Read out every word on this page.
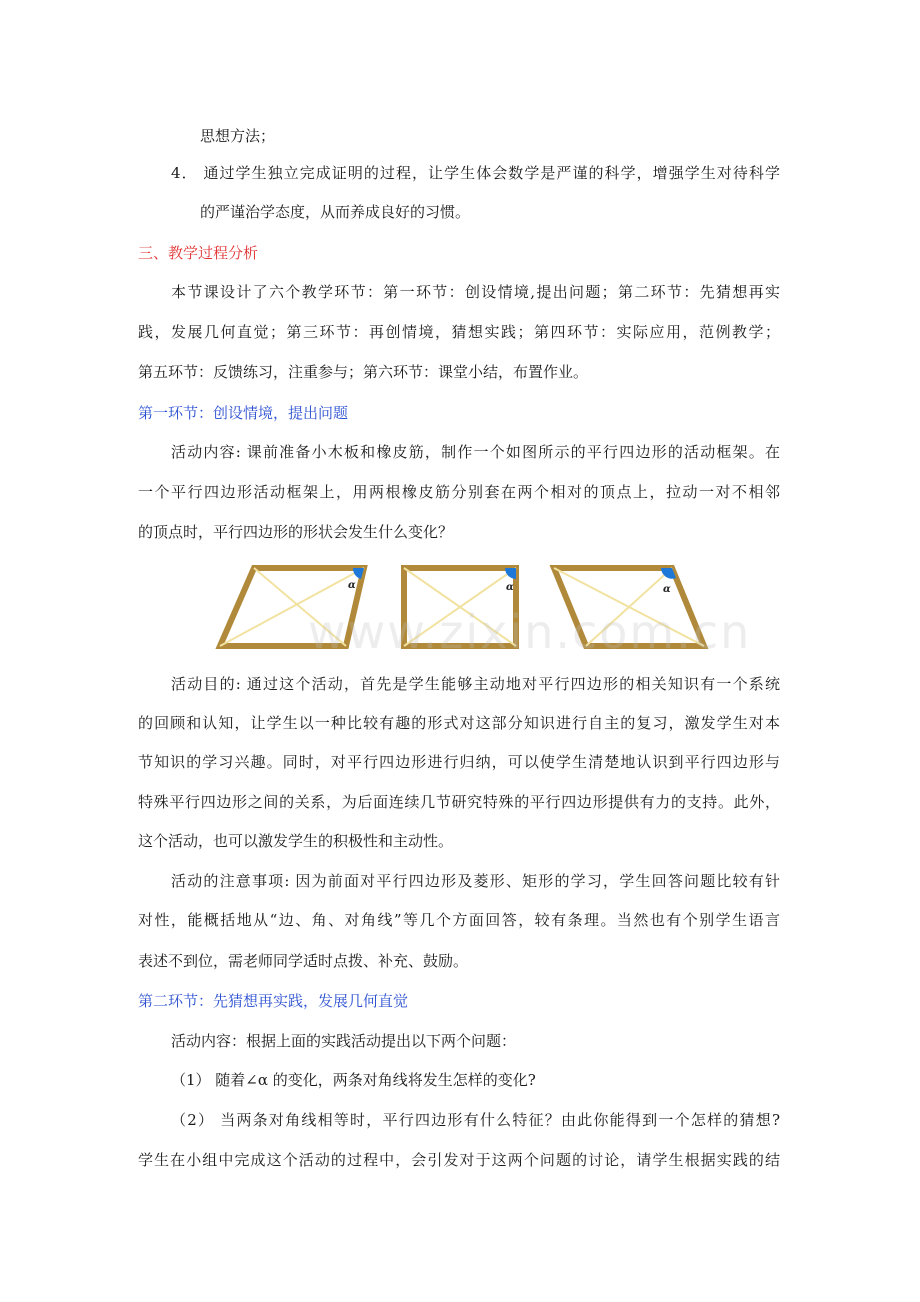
思想方法；
4． 通过学生独立完成证明的过程，让学生体会数学是严谨的科学，增强学生对待科学
的严谨治学态度，从而养成良好的习惯。
三、教学过程分析
本节课设计了六个教学环节：第一环节：创设情境,提出问题；第二环节：先猜想再实
践，发展几何直觉；第三环节：再创情境，猜想实践；第四环节：实际应用，范例教学；
第五环节：反馈练习，注重参与；第六环节：课堂小结，布置作业。
第一环节：创设情境，提出问题
活动内容: 课前准备小木板和橡皮筋，制作一个如图所示的平行四边形的活动框架。在
一个平行四边形活动框架上，用两根橡皮筋分别套在两个相对的顶点上，拉动一对不相邻
的顶点时，平行四边形的形状会发生什么变化？
α	α	α
www.zixin.com.cn
活动目的: 通过这个活动，首先是学生能够主动地对平行四边形的相关知识有一个系统
的回顾和认知，让学生以一种比较有趣的形式对这部分知识进行自主的复习，激发学生对本
节知识的学习兴趣。同时，对平行四边形进行归纳，可以使学生清楚地认识到平行四边形与
特殊平行四边形之间的关系，为后面连续几节研究特殊的平行四边形提供有力的支持。此外，
这个活动，也可以激发学生的积极性和主动性。
活动的注意事项: 因为前面对平行四边形及菱形、矩形的学习，学生回答问题比较有针
对性，能概括地从“边、角、对角线”等几个方面回答，较有条理。当然也有个别学生语言
表述不到位，需老师同学适时点拨、补充、鼓励。
第二环节：先猜想再实践，发展几何直觉
活动内容：根据上面的实践活动提出以下两个问题：
（1） 随着∠α 的变化，两条对角线将发生怎样的变化?
（2） 当两条对角线相等时，平行四边形有什么特征？由此你能得到一个怎样的猜想?
学生在小组中完成这个活动的过程中，会引发对于这两个问题的讨论，请学生根据实践的结
